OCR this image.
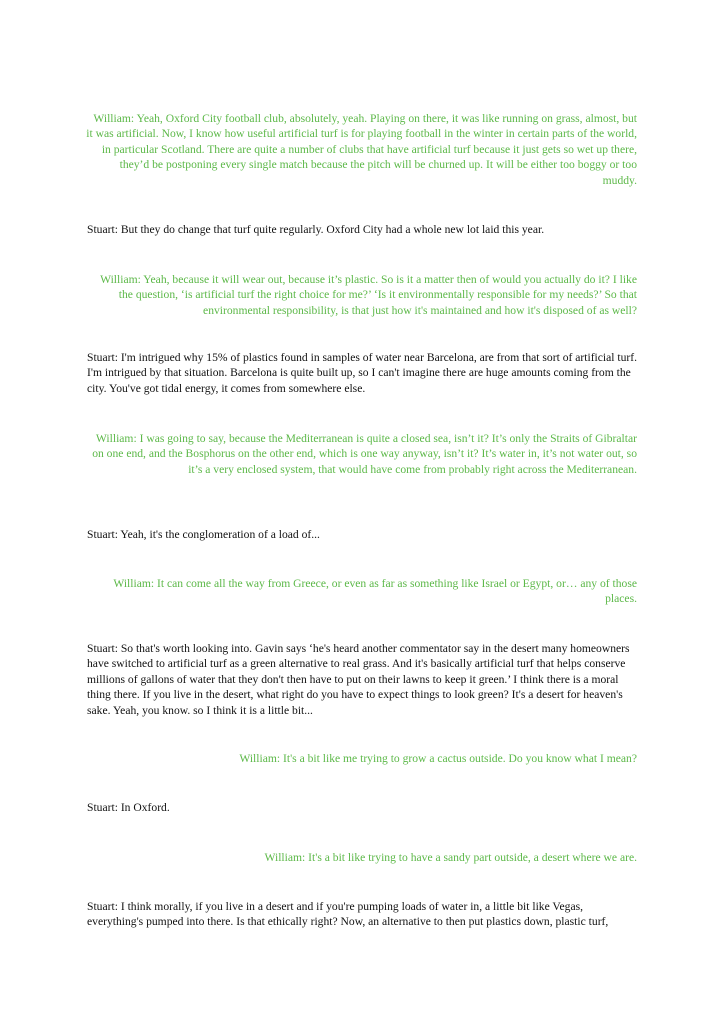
William: Yeah, Oxford City football club, absolutely, yeah. Playing on there, it was like running on grass, almost, but it was artificial. Now, I know how useful artificial turf is for playing football in the winter in certain parts of the world, in particular Scotland. There are quite a number of clubs that have artificial turf because it just gets so wet up there, they’d be postponing every single match because the pitch will be churned up. It will be either too boggy or too muddy.

Stuart: But they do change that turf quite regularly. Oxford City had a whole new lot laid this year.

William: Yeah, because it will wear out, because it’s plastic. So is it a matter then of would you actually do it? I like the question, ‘is artificial turf the right choice for me?’ ‘Is it environmentally responsible for my needs?’ So that environmental responsibility, is that just how it's maintained and how it's disposed of as well?

Stuart: I'm intrigued why 15% of plastics found in samples of water near Barcelona, are from that sort of artificial turf. I'm intrigued by that situation. Barcelona is quite built up, so I can't imagine there are huge amounts coming from the city. You've got tidal energy, it comes from somewhere else.

William: I was going to say, because the Mediterranean is quite a closed sea, isn’t it? It’s only the Straits of Gibraltar on one end, and the Bosphorus on the other end, which is one way anyway, isn’t it? It’s water in, it’s not water out, so it’s a very enclosed system, that would have come from probably right across the Mediterranean.

Stuart: Yeah, it's the conglomeration of a load of...

William: It can come all the way from Greece, or even as far as something like Israel or Egypt, or… any of those places.

Stuart: So that's worth looking into. Gavin says ‘he's heard another commentator say in the desert many homeowners have switched to artificial turf as a green alternative to real grass. And it's basically artificial turf that helps conserve millions of gallons of water that they don't then have to put on their lawns to keep it green.’ I think there is a moral thing there. If you live in the desert, what right do you have to expect things to look green? It's a desert for heaven's sake. Yeah, you know. so I think it is a little bit...

William: It's a bit like me trying to grow a cactus outside. Do you know what I mean?

Stuart: In Oxford.

William: It's a bit like trying to have a sandy part outside, a desert where we are.

Stuart: I think morally, if you live in a desert and if you're pumping loads of water in, a little bit like Vegas, everything's pumped into there. Is that ethically right? Now, an alternative to then put plastics down, plastic turf,
